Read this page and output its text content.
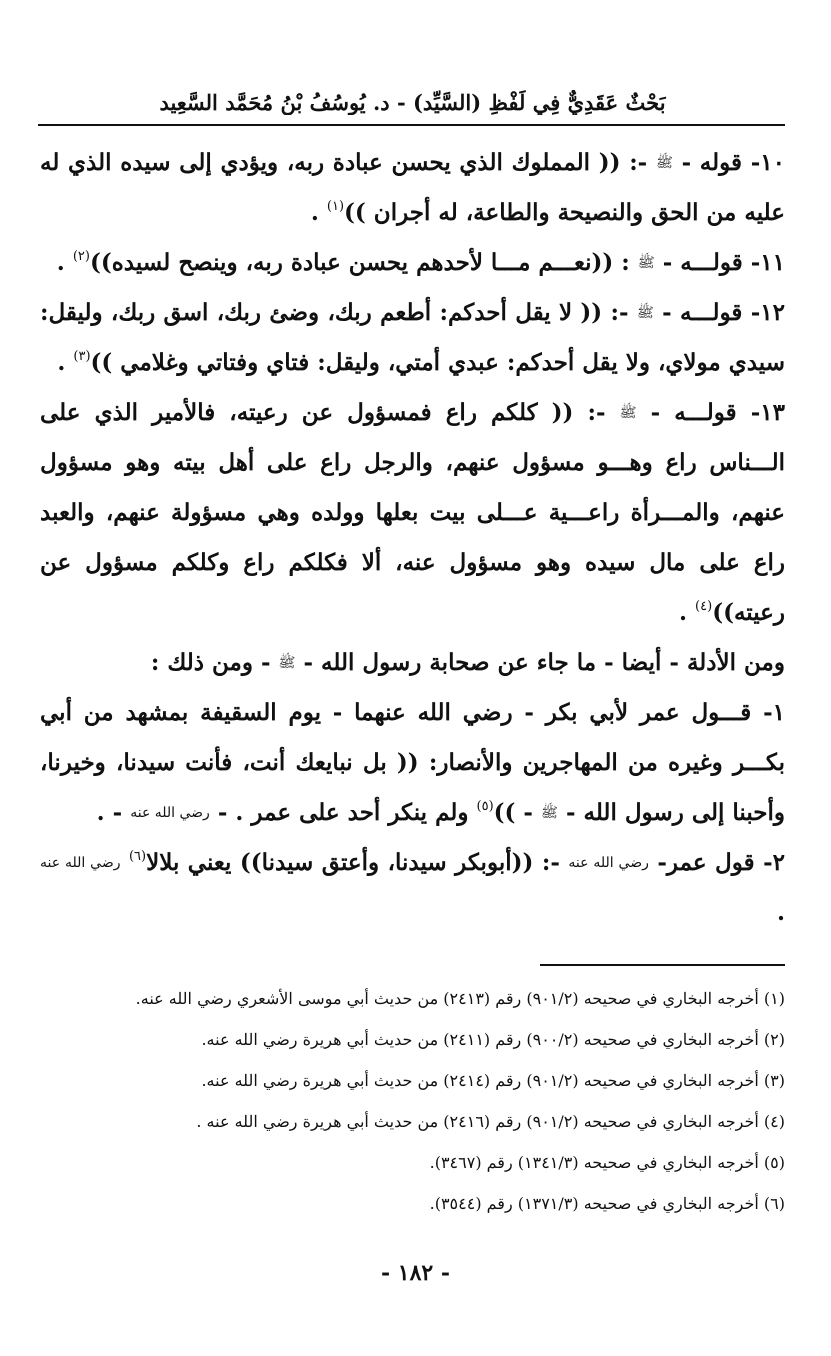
بَحْثٌ عَقَدِيٌّ فِي لَفْظِ (السَّيِّد) - د. يُوسُفُ بْنُ مُحَمَّد السَّعِيد

١٠- قوله - ﷺ -: (( المملوك الذي يحسن عبادة ربه، ويؤدي إلى سيده الذي له عليه من الحق والنصيحة والطاعة، له أجران ))$^{(١)}$ .

١١- قولـــه - ﷺ : ((نعـــم مـــا لأحدهم يحسن عبادة ربه، وينصح لسيده))$^{(٢)}$ .

١٢- قولـــه - ﷺ -: (( لا يقل أحدكم: أطعم ربك، وضئ ربك، اسق ربك، وليقل: سيدي مولاي، ولا يقل أحدكم: عبدي أمتي، وليقل: فتاي وفتاتي وغلامي ))$^{(٣)}$ .

١٣- قولـــه - ﷺ -: (( كلكم راع فمسؤول عن رعيته، فالأمير الذي على الـــناس راع وهـــو مسؤول عنهم، والرجل راع على أهل بيته وهو مسؤول عنهم، والمـــرأة راعـــية عـــلى بيت بعلها وولده وهي مسؤولة عنهم، والعبد راع على مال سيده وهو مسؤول عنه، ألا فكلكم راع وكلكم مسؤول عن رعيته))$^{(٤)}$ .

ومن الأدلة - أيضا - ما جاء عن صحابة رسول الله - ﷺ - ومن ذلك :

١- قـــول عمر لأبي بكر - رضي الله عنهما - يوم السقيفة بمشهد من أبي بكـــر وغيره من المهاجرين والأنصار: (( بل نبايعك أنت، فأنت سيدنا، وخيرنا، وأحبنا إلى رسول الله - ﷺ - ))$^{(٥)}$ ولم ينكر أحد على عمر . - رضي الله عنه - .

٢- قول عمر- رضي الله عنه -: ((أبوبكر سيدنا، وأعتق سيدنا)) يعني بلالا$^{(٦)}$ رضي الله عنه .

(١) أخرجه البخاري في صحيحه (٩٠١/٢) رقم (٢٤١٣) من حديث أبي موسى الأشعري رضي الله عنه.

(٢) أخرجه البخاري في صحيحه (٩٠٠/٢) رقم (٢٤١١) من حديث أبي هريرة رضي الله عنه.

(٣) أخرجه البخاري في صحيحه (٩٠١/٢) رقم (٢٤١٤) من حديث أبي هريرة رضي الله عنه.

(٤) أخرجه البخاري في صحيحه (٩٠١/٢) رقم (٢٤١٦) من حديث أبي هريرة رضي الله عنه .

(٥) أخرجه البخاري في صحيحه (١٣٤١/٣) رقم (٣٤٦٧).

(٦) أخرجه البخاري في صحيحه (١٣٧١/٣) رقم (٣٥٤٤).

- ١٨٢ -
